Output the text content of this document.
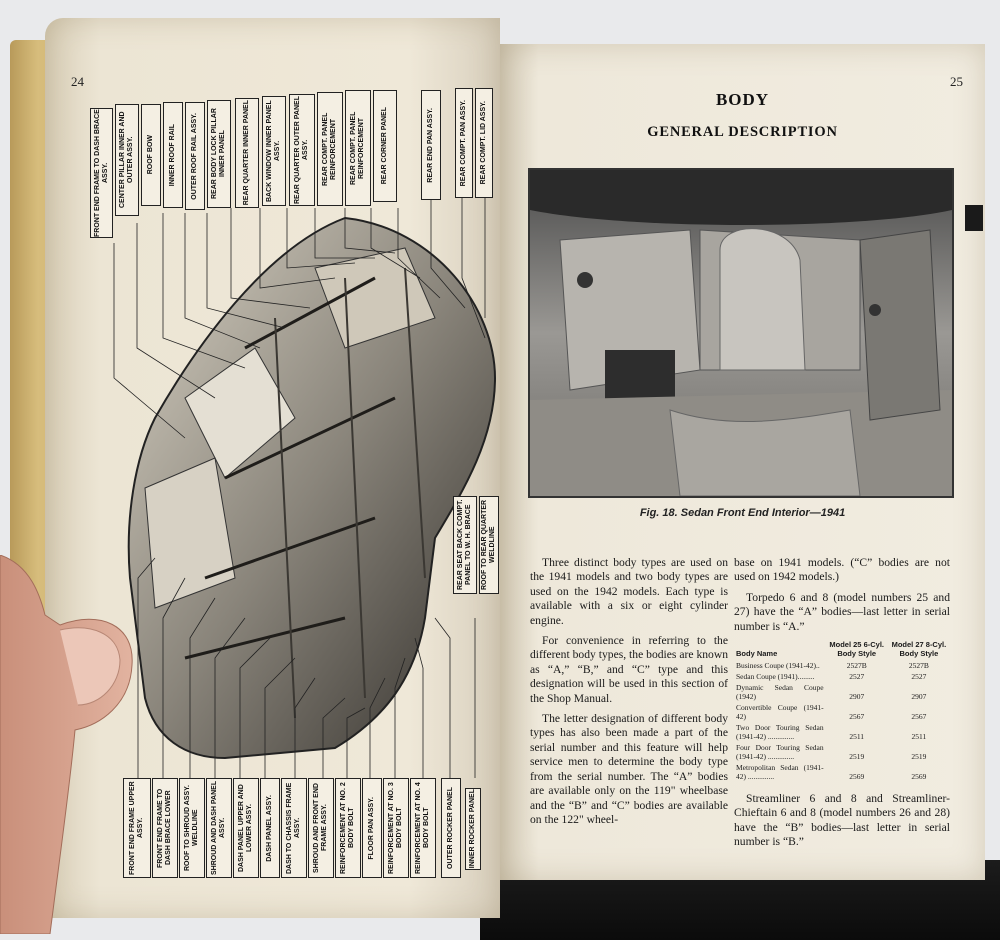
24
FRONT END FRAME TO DASH BRACE ASSY. CENTER PILLAR INNER AND OUTER ASSY. ROOF BOW INNER ROOF RAIL OUTER ROOF RAIL ASSY. REAR BODY LOCK PILLAR INNER PANEL REAR QUARTER INNER PANEL BACK WINDOW INNER PANEL ASSY. REAR QUARTER OUTER PANEL ASSY. REAR COMPT. PANEL REINFORCEMENT REAR COMPT. PANEL REINFORCEMENT REAR CORNER PANEL	REAR END PAN ASSY.	REAR COMPT. PAN ASSY. REAR COMPT. LID ASSY.
REAR SEAT BACK COMPT. PANEL TO W. H. BRACE ROOF TO REAR QUARTER WELDLINE
FRONT END FRAME UPPER ASSY. FRONT END FRAME TO DASH BRACE LOWER ROOF TO SHROUD ASSY. WELDLINE SHROUD AND DASH PANEL ASSY. DASH PANEL UPPER AND LOWER ASSY. DASH PANEL ASSY. DASH TO CHASSIS FRAME ASSY. SHROUD AND FRONT END FRAME ASSY. REINFORCEMENT AT NO. 2 BODY BOLT FLOOR PAN ASSY. REINFORCEMENT AT NO. 3 BODY BOLT REINFORCEMENT AT NO. 4 BODY BOLT OUTER ROCKER PANEL INNER ROCKER PANEL
25
BODY
GENERAL DESCRIPTION
Fig. 18. Sedan Front End Interior—1941

Three distinct body types are used on the 1941 models and two body types are used on the 1942 models. Each type is available with a six or eight cylinder engine.

For convenience in referring to the different body types, the bodies are known as “A,” “B,” and “C” type and this designation will be used in this section of the Shop Manual.

The letter designation of different body types has also been made a part of the serial number and this feature will help service men to determine the body type from the serial number. The “A” bodies are available only on the 119" wheelbase and the “B” and “C” bodies are available on the 122" wheel-

base on 1941 models. (“C” bodies are not used on 1942 models.)

Torpedo 6 and 8 (model numbers 25 and 27) have the “A” bodies—last letter in serial number is “A.”

Body Name	Model 25 6-Cyl. Body Style	Model 27 8-Cyl. Body Style
Business Coupe (1941-42)..	2527B	2527B
Sedan Coupe (1941).........	2527	2527
Dynamic Sedan Coupe (1942)	2907	2907
Convertible Coupe (1941-42)	2567	2567
Two Door Touring Sedan (1941-42) ..............	2511	2511
Four Door Touring Sedan (1941-42) ..............	2519	2519
Metropolitan Sedan (1941-42) ..............	2569	2569

Streamliner 6 and 8 and Streamliner-Chieftain 6 and 8 (model numbers 26 and 28) have the “B” bodies—last letter in serial number is “B.”
